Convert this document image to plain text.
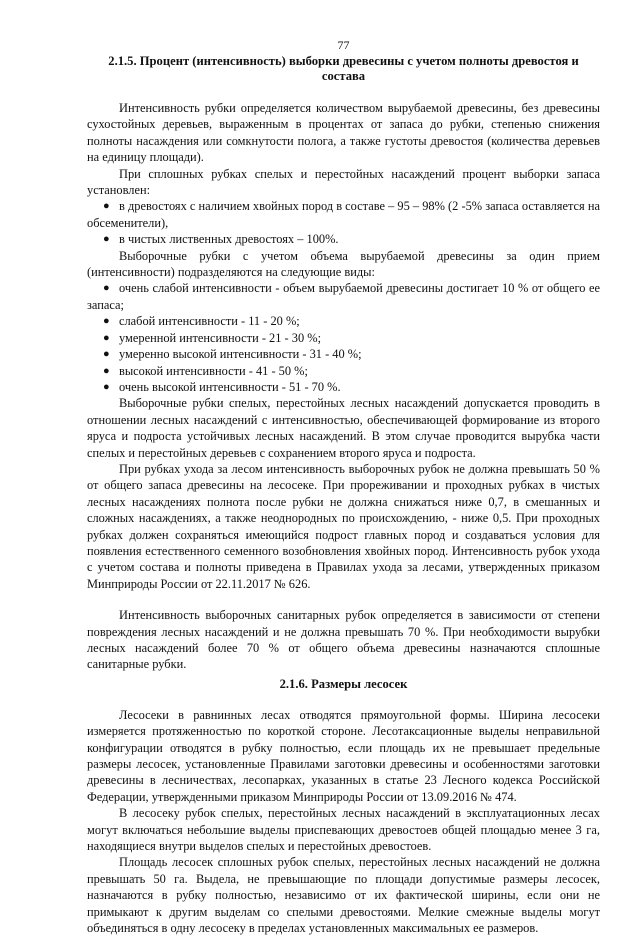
77
2.1.5. Процент (интенсивность) выборки древесины с учетом полноты древостоя и состава

Интенсивность рубки определяется количеством вырубаемой древесины, без древесины сухостойных деревьев, выраженным в процентах от запаса до рубки, степенью снижения полноты насаждения или сомкнутости полога, а также густоты древостоя (количества деревьев на единицу площади).

При сплошных рубках спелых и перестойных насаждений процент выборки запаса установлен:

● в древостоях с наличием хвойных пород в составе – 95 – 98% (2 -5% запаса оставляется на обсеменители),
● в чистых лиственных древостоях – 100%.

Выборочные рубки с учетом объема вырубаемой древесины за один прием (интенсивности) подразделяются на следующие виды:

● очень слабой интенсивности - объем вырубаемой древесины достигает 10 % от общего ее запаса;
● слабой интенсивности - 11 - 20 %;
● умеренной интенсивности - 21 - 30 %;
● умеренно высокой интенсивности - 31 - 40 %;
● высокой интенсивности - 41 - 50 %;
● очень высокой интенсивности - 51 - 70 %.

Выборочные рубки спелых, перестойных лесных насаждений допускается проводить в отношении лесных насаждений с интенсивностью, обеспечивающей формирование из второго яруса и подроста устойчивых лесных насаждений. В этом случае проводится вырубка части спелых и перестойных деревьев с сохранением второго яруса и подроста.

При рубках ухода за лесом интенсивность выборочных рубок не должна превышать 50 % от общего запаса древесины на лесосеке. При прореживании и проходных рубках в чистых лесных насаждениях полнота после рубки не должна снижаться ниже 0,7, в смешанных и сложных насаждениях, а также неоднородных по происхождению, - ниже 0,5. При проходных рубках должен сохраняться имеющийся подрост главных пород и создаваться условия для появления естественного семенного возобновления хвойных пород. Интенсивность рубок ухода с учетом состава и полноты приведена в Правилах ухода за лесами, утвержденных приказом Минприроды России от 22.11.2017 № 626.

Интенсивность выборочных санитарных рубок определяется в зависимости от степени повреждения лесных насаждений и не должна превышать 70 %. При необходимости вырубки лесных насаждений более 70 % от общего объема древесины назначаются сплошные санитарные рубки.

2.1.6. Размеры лесосек

Лесосеки в равнинных лесах отводятся прямоугольной формы. Ширина лесосеки измеряется протяженностью по короткой стороне. Лесотаксационные выделы неправильной конфигурации отводятся в рубку полностью, если площадь их не превышает предельные размеры лесосек, установленные Правилами заготовки древесины и особенностями заготовки древесины в лесничествах, лесопарках, указанных в статье 23 Лесного кодекса Российской Федерации, утвержденными приказом Минприроды России от 13.09.2016 № 474.

В лесосеку рубок спелых, перестойных лесных насаждений в эксплуатационных лесах могут включаться небольшие выделы приспевающих древостоев общей площадью менее 3 га, находящиеся внутри выделов спелых и перестойных древостоев.

Площадь лесосек сплошных рубок спелых, перестойных лесных насаждений не должна превышать 50 га. Выдела, не превышающие по площади допустимые размеры лесосек, назначаются в рубку полностью, независимо от их фактической ширины, если они не примыкают к другим выделам со спелыми древостоями. Мелкие смежные выделы могут объединяться в одну лесосеку в пределах установленных максимальных ее размеров.
